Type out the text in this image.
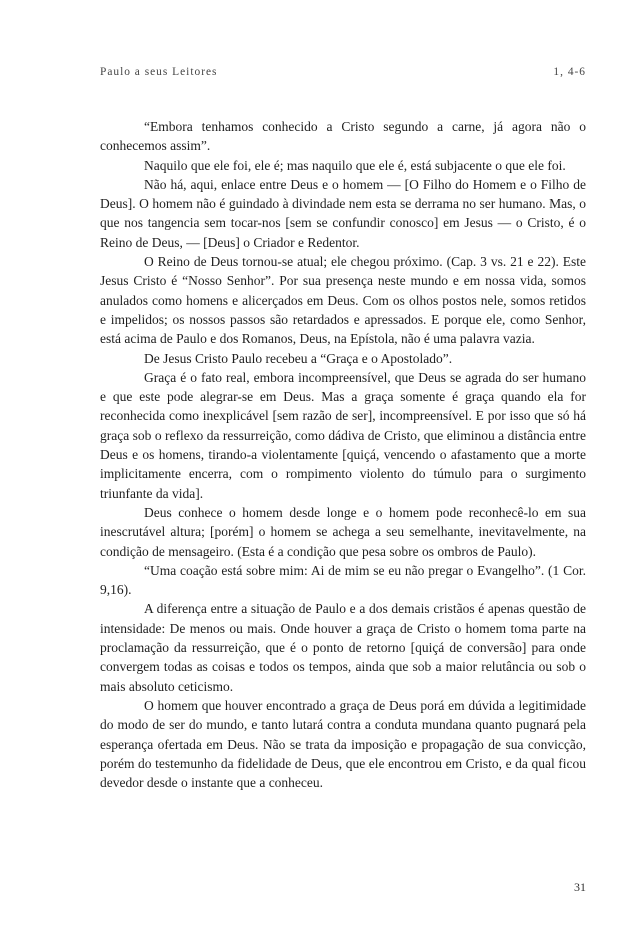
Paulo a seus Leitores	1, 4-6

“Embora tenhamos conhecido a Cristo segundo a carne, já agora não o conhecemos assim”.

Naquilo que ele foi, ele é; mas naquilo que ele é, está subjacente o que ele foi.

Não há, aqui, enlace entre Deus e o homem — [O Filho do Homem e o Filho de Deus]. O homem não é guindado à divindade nem esta se derrama no ser humano. Mas, o que nos tangencia sem tocar-nos [sem se confundir conosco] em Jesus — o Cristo, é o Reino de Deus, — [Deus] o Criador e Redentor.

O Reino de Deus tornou-se atual; ele chegou próximo. (Cap. 3 vs. 21 e 22). Este Jesus Cristo é “Nosso Senhor”. Por sua presença neste mundo e em nossa vida, somos anulados como homens e alicerçados em Deus. Com os olhos postos nele, somos retidos e impelidos; os nossos passos são retardados e apressados. E porque ele, como Senhor, está acima de Paulo e dos Romanos, Deus, na Epístola, não é uma palavra vazia.

De Jesus Cristo Paulo recebeu a “Graça e o Apostolado”.

Graça é o fato real, embora incompreensível, que Deus se agrada do ser humano e que este pode alegrar-se em Deus. Mas a graça somente é graça quando ela for reconhecida como inexplicável [sem razão de ser], incompreensível. E por isso que só há graça sob o reflexo da ressurreição, como dádiva de Cristo, que eliminou a distância entre Deus e os homens, tirando-a violentamente [quiçá, vencendo o afastamento que a morte implicitamente encerra, com o rompimento violento do túmulo para o surgimento triunfante da vida].

Deus conhece o homem desde longe e o homem pode reconhecê-lo em sua inescrutável altura; [porém] o homem se achega a seu semelhante, inevitavelmente, na condição de mensageiro. (Esta é a condição que pesa sobre os ombros de Paulo).

“Uma coação está sobre mim: Ai de mim se eu não pregar o Evangelho”. (1 Cor. 9,16).

A diferença entre a situação de Paulo e a dos demais cristãos é apenas questão de intensidade: De menos ou mais. Onde houver a graça de Cristo o homem toma parte na proclamação da ressurreição, que é o ponto de retorno [quiçá de conversão] para onde convergem todas as coisas e todos os tempos, ainda que sob a maior relutância ou sob o mais absoluto ceticismo.

O homem que houver encontrado a graça de Deus porá em dúvida a legitimidade do modo de ser do mundo, e tanto lutará contra a conduta mundana quanto pugnará pela esperança ofertada em Deus. Não se trata da imposição e propagação de sua convicção, porém do testemunho da fidelidade de Deus, que ele encontrou em Cristo, e da qual ficou devedor desde o instante que a conheceu.

31
